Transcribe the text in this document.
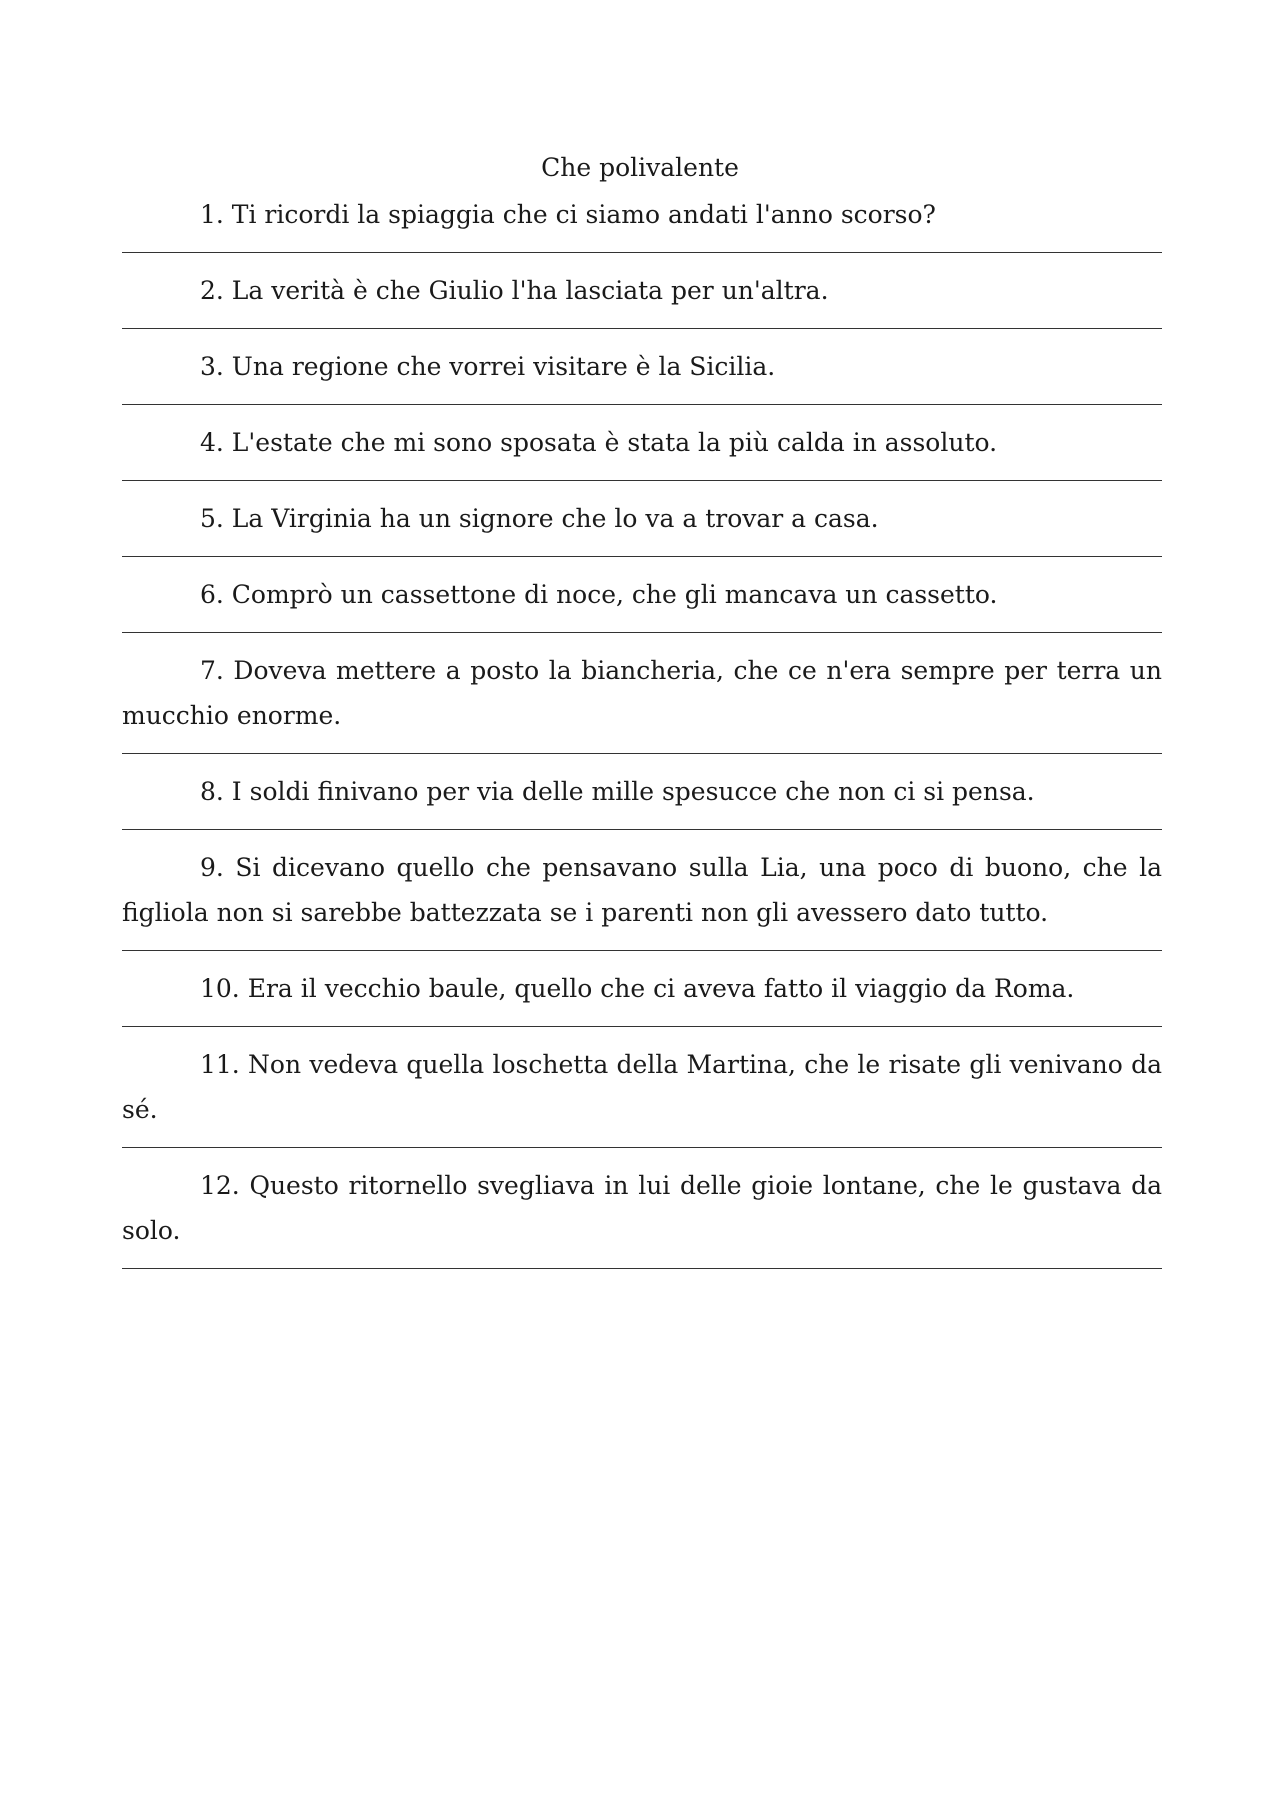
Che polivalente

1. Ti ricordi la spiaggia che ci siamo andati l'anno scorso?

2. La verità è che Giulio l'ha lasciata per un'altra.

3. Una regione che vorrei visitare è la Sicilia.

4. L'estate che mi sono sposata è stata la più calda in assoluto.

5. La Virginia ha un signore che lo va a trovar a casa.

6. Comprò un cassettone di noce, che gli mancava un cassetto.

7. Doveva mettere a posto la biancheria, che ce n'era sempre per terra un mucchio enorme.

8. I soldi finivano per via delle mille spesucce che non ci si pensa.

9. Si dicevano quello che pensavano sulla Lia, una poco di buono, che la figliola non si sarebbe battezzata se i parenti non gli avessero dato tutto.

10. Era il vecchio baule, quello che ci aveva fatto il viaggio da Roma.

11. Non vedeva quella loschetta della Martina, che le risate gli venivano da sé.

12. Questo ritornello svegliava in lui delle gioie lontane, che le gustava da solo.
